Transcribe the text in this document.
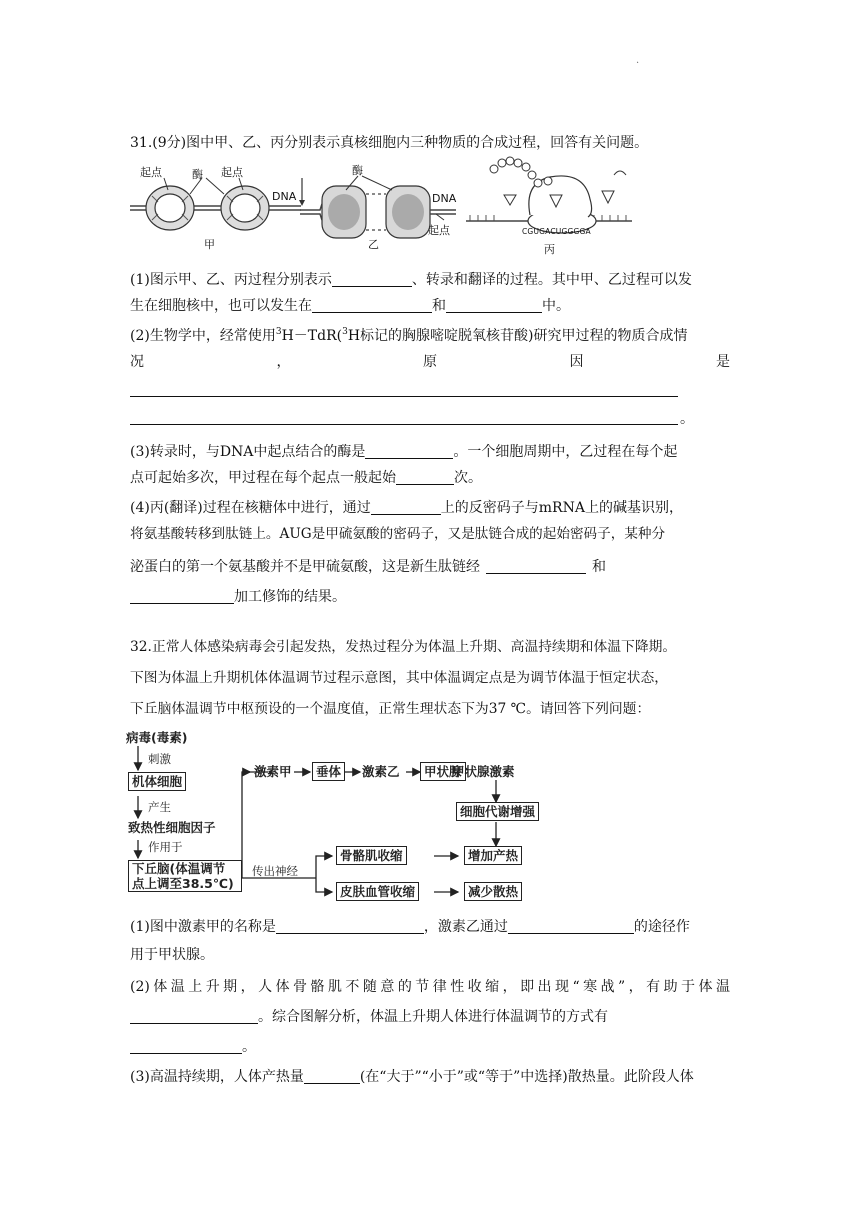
·
31.(9分)图中甲、乙、丙分别表示真核细胞内三种物质的合成过程，回答有关问题。
起点	酶 起点
DNA
甲
酶
DNA
起点
乙
CGUGACUGGGGA
丙
(1)图示甲、乙、丙过程分别表示	、转录和翻译的过程。其中甲、乙过程可以发
生在细胞核中，也可以发生在	和	中。
(2)生物学中，经常使用$^3$H－TdR($^3$H标记的胸腺嘧啶脱氧核苷酸)研究甲过程的物质合成情
况	，	原	因	是
。
(3)转录时，与DNA中起点结合的酶是	。一个细胞周期中，乙过程在每个起
点可起始多次，甲过程在每个起点一般起始	次。
(4)丙(翻译)过程在核糖体中进行，通过	上的反密码子与mRNA上的碱基识别，
将氨基酸转移到肽链上。AUG是甲硫氨酸的密码子，又是肽链合成的起始密码子，某种分
泌蛋白的第一个氨基酸并不是甲硫氨酸，这是新生肽链经	和
加工修饰的结果。
32.正常人体感染病毒会引起发热，发热过程分为体温上升期、高温持续期和体温下降期。
下图为体温上升期机体体温调节过程示意图，其中体温调定点是为调节体温于恒定状态，
下丘脑体温调节中枢预设的一个温度值，正常生理状态下为37 ℃。请回答下列问题：
病毒(毒素)
刺激
机体细胞
产生
致热性细胞因子
作用于
下丘脑(体温调节
点上调至38.5℃)
激素甲	垂体	激素乙	甲状腺
甲状腺激素
细胞代谢增强
传出神经
骨骼肌收缩
皮肤血管收缩
增加产热
减少散热
(1)图中激素甲的名称是	，激素乙通过	的途径作
用于甲状腺。
(2)体温上升期，人体骨骼肌不随意的节律性收缩，即出现“寒战”，有助于体温
。综合图解分析，体温上升期人体进行体温调节的方式有
。
(3)高温持续期，人体产热量	(在“大于”“小于”或“等于”中选择)散热量。此阶段人体
